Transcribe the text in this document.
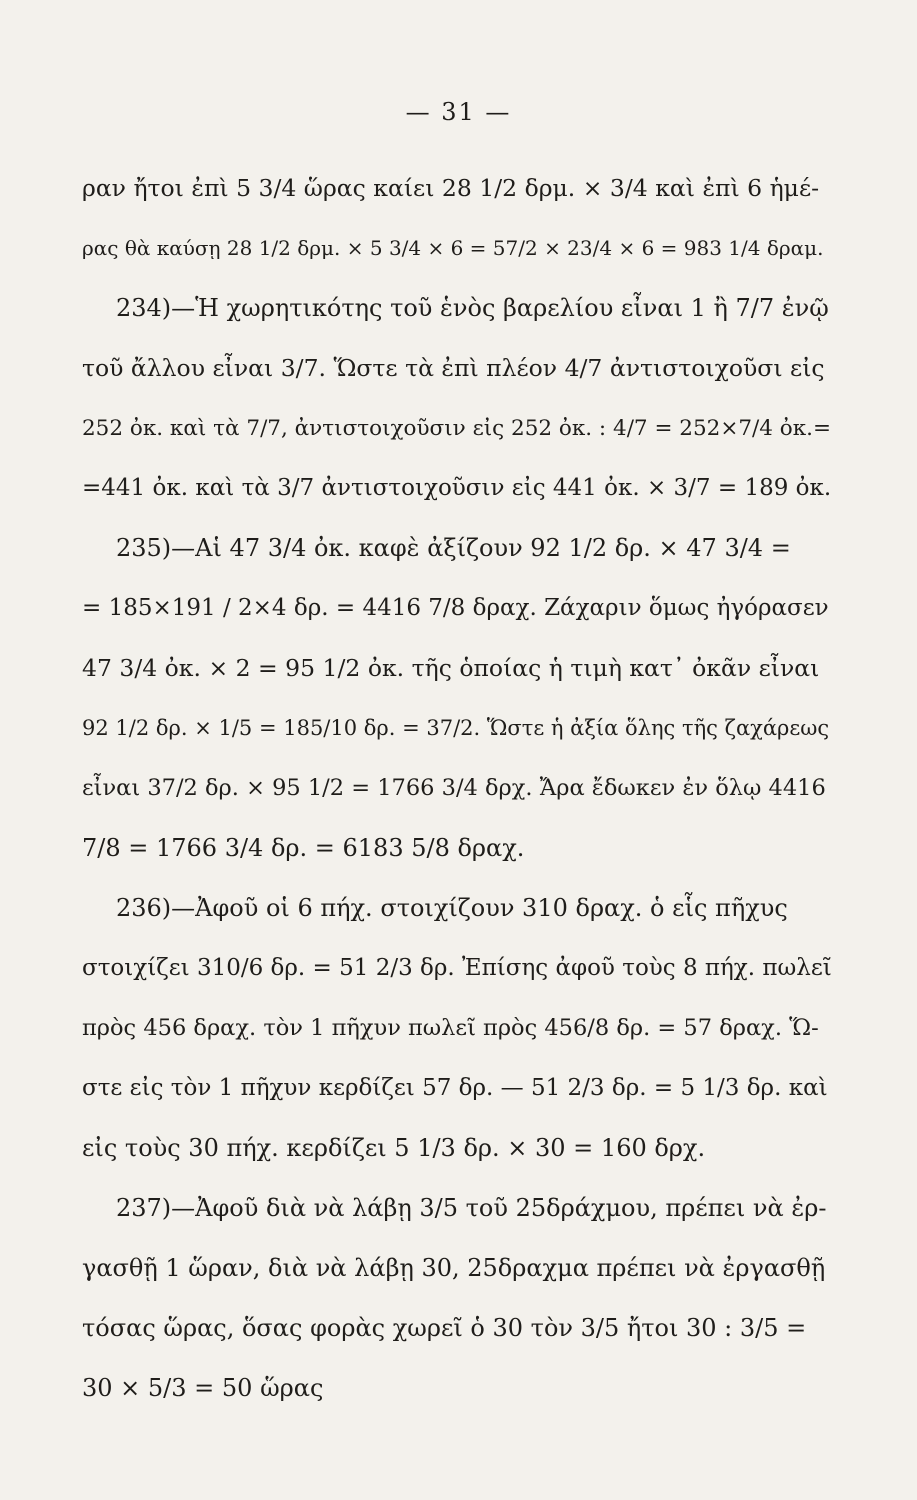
— 31 —
ραν ἤτοι ἐπὶ 5 3/4 ὥρας καίει 28 1/2 δρμ. × 3/4 καὶ ἐπὶ 6 ἡμέ-
ρας θὰ καύσῃ 28 1/2 δρμ. × 5 3/4 × 6 = 57/2 × 23/4 × 6 = 983 1/4 δραμ.
234)—Ἡ χωρητικότης τοῦ ἑνὸς βαρελίου εἶναι 1 ἢ 7/7 ἐνῷ
τοῦ ἄλλου εἶναι 3/7. Ὥστε τὰ ἐπὶ πλέον 4/7 ἀντιστοιχοῦσι εἰς
252 ὀκ. καὶ τὰ 7/7, ἀντιστοιχοῦσιν εἰς 252 ὀκ. : 4/7 = 252×7/4 ὀκ.=
=441 ὀκ. καὶ τὰ 3/7 ἀντιστοιχοῦσιν εἰς 441 ὀκ. × 3/7 = 189 ὀκ.
235)—Αἱ 47 3/4 ὀκ. καφὲ ἀξίζουν 92 1/2 δρ. × 47 3/4 =
= 185×191 / 2×4 δρ. = 4416 7/8 δραχ. Ζάχαριν ὅμως ἠγόρασεν
47 3/4 ὀκ. × 2 = 95 1/2 ὀκ. τῆς ὁποίας ἡ τιμὴ κατ᾽ ὀκᾶν εἶναι
92 1/2 δρ. × 1/5 = 185/10 δρ. = 37/2. Ὥστε ἡ ἀξία ὅλης τῆς ζαχάρεως
εἶναι 37/2 δρ. × 95 1/2 = 1766 3/4 δρχ. Ἄρα ἔδωκεν ἐν ὅλῳ 4416
7/8 = 1766 3/4 δρ. = 6183 5/8 δραχ.
236)—Ἀφοῦ οἱ 6 πήχ. στοιχίζουν 310 δραχ. ὁ εἷς πῆχυς
στοιχίζει 310/6 δρ. = 51 2/3 δρ. Ἐπίσης ἀφοῦ τοὺς 8 πήχ. πωλεῖ
πρὸς 456 δραχ. τὸν 1 πῆχυν πωλεῖ πρὸς 456/8 δρ. = 57 δραχ. Ὥ-
στε εἰς τὸν 1 πῆχυν κερδίζει 57 δρ. — 51 2/3 δρ. = 5 1/3 δρ. καὶ
εἰς τοὺς 30 πήχ. κερδίζει 5 1/3 δρ. × 30 = 160 δρχ.
237)—Ἀφοῦ διὰ νὰ λάβῃ 3/5 τοῦ 25δράχμου, πρέπει νὰ ἐρ-
γασθῇ 1 ὥραν, διὰ νὰ λάβῃ 30, 25δραχμα πρέπει νὰ ἐργασθῇ
τόσας ὥρας, ὅσας φορὰς χωρεῖ ὁ 30 τὸν 3/5 ἤτοι 30 : 3/5 =
30 × 5/3 = 50 ὥρας
